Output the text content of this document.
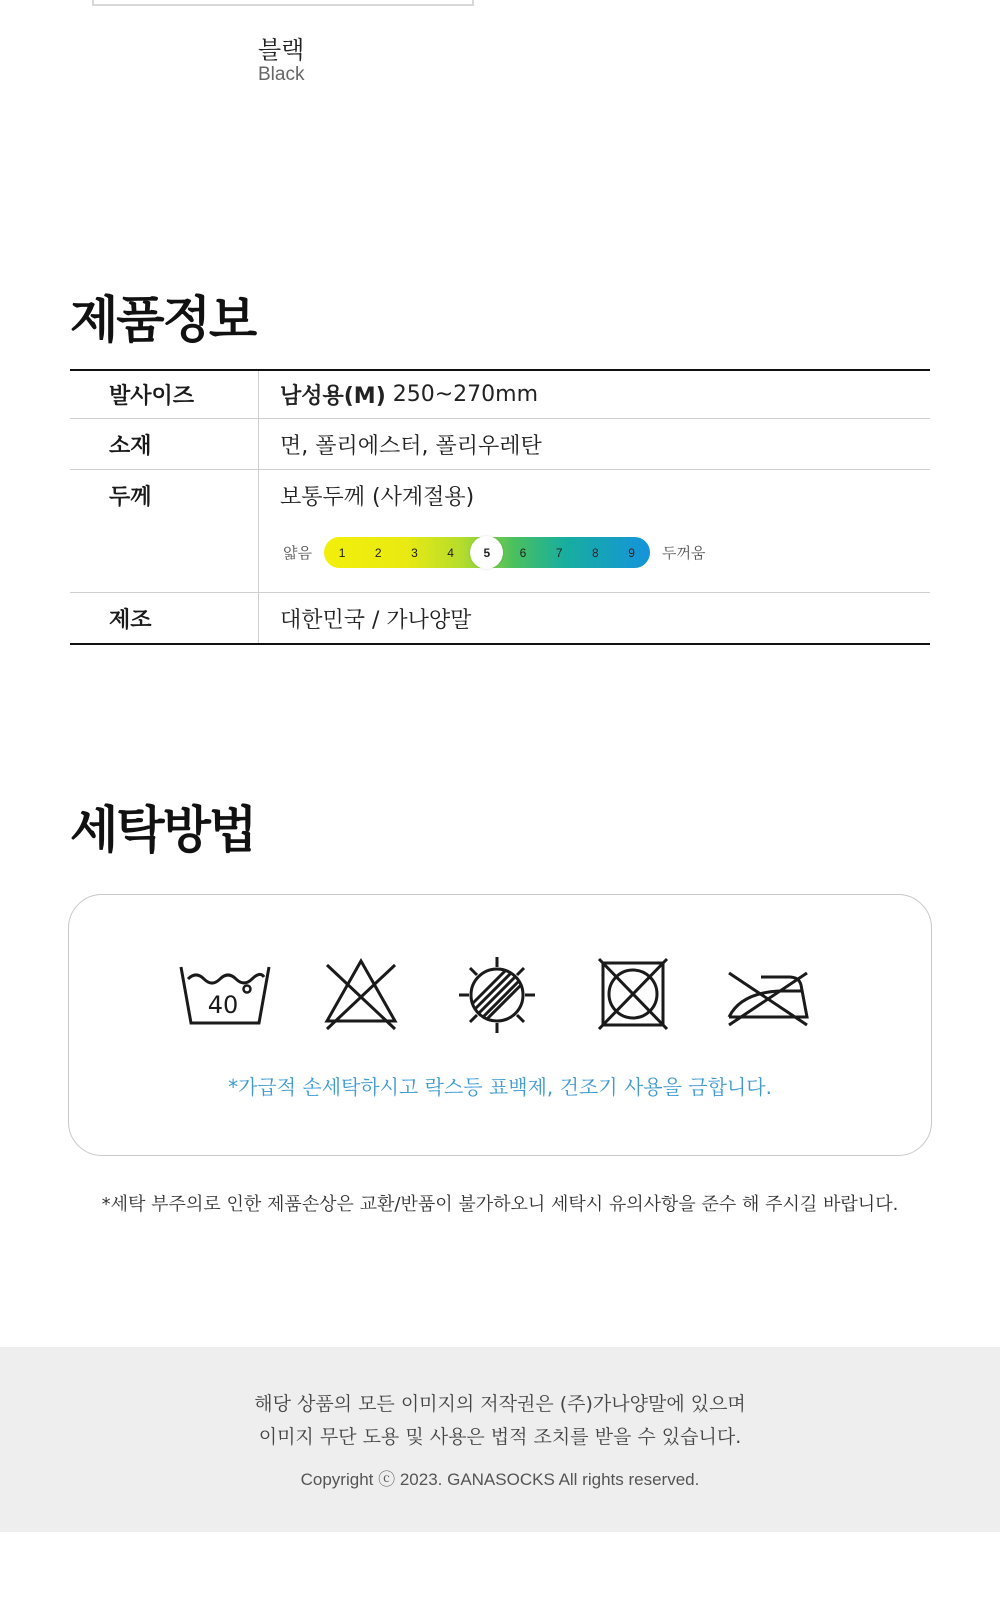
블랙
Black
제품정보
발사이즈	남성용(M) 250~270mm
소재	면, 폴리에스터, 폴리우레탄
두께	보통두께 (사계절용)
얇음	1	2	3	4	5	6	7	8	9	두꺼움
제조	대한민국 / 가나양말
세탁방법
40
*가급적 손세탁하시고 락스등 표백제, 건조기 사용을 금합니다.
*세탁 부주의로 인한 제품손상은 교환/반품이 불가하오니 세탁시 유의사항을 준수 해 주시길 바랍니다.
해당 상품의 모든 이미지의 저작권은 (주)가나양말에 있으며
이미지 무단 도용 및 사용은 법적 조치를 받을 수 있습니다.
Copyright ⓒ 2023. GANASOCKS All rights reserved.
